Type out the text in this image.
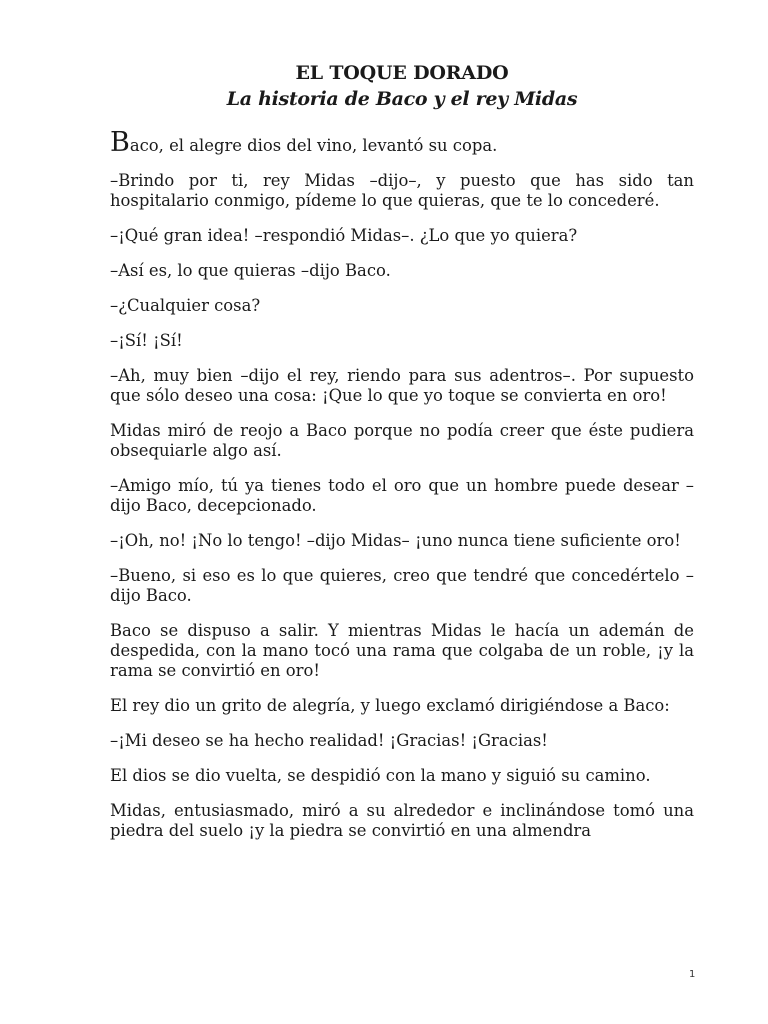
EL TOQUE DORADO
La historia de Baco y el rey Midas

Baco, el alegre dios del vino, levantó su copa.

–Brindo por ti, rey Midas –dijo–, y puesto que has sido tan hospitalario conmigo, pídeme lo que quieras, que te lo concederé.

–¡Qué gran idea! –respondió Midas–. ¿Lo que yo quiera?

–Así es, lo que quieras –dijo Baco.

–¿Cualquier cosa?

–¡Sí! ¡Sí!

–Ah, muy bien –dijo el rey, riendo para sus adentros–. Por supuesto que sólo deseo una cosa: ¡Que lo que yo toque se convierta en oro!

Midas miró de reojo a Baco porque no podía creer que éste pudiera obsequiarle algo así.

–Amigo mío, tú ya tienes todo el oro que un hombre puede desear –dijo Baco, decepcionado.

–¡Oh, no! ¡No lo tengo! –dijo Midas– ¡uno nunca tiene suficiente oro!

–Bueno, si eso es lo que quieres, creo que tendré que concedértelo –dijo Baco.

Baco se dispuso a salir. Y mientras Midas le hacía un ademán de despedida, con la mano tocó una rama que colgaba de un roble, ¡y la rama se convirtió en oro!

El rey dio un grito de alegría, y luego exclamó dirigiéndose a Baco:

–¡Mi deseo se ha hecho realidad! ¡Gracias! ¡Gracias!

El dios se dio vuelta, se despidió con la mano y siguió su camino.

Midas, entusiasmado, miró a su alrededor e inclinándose tomó una piedra del suelo ¡y la piedra se convirtió en una almendra

1
